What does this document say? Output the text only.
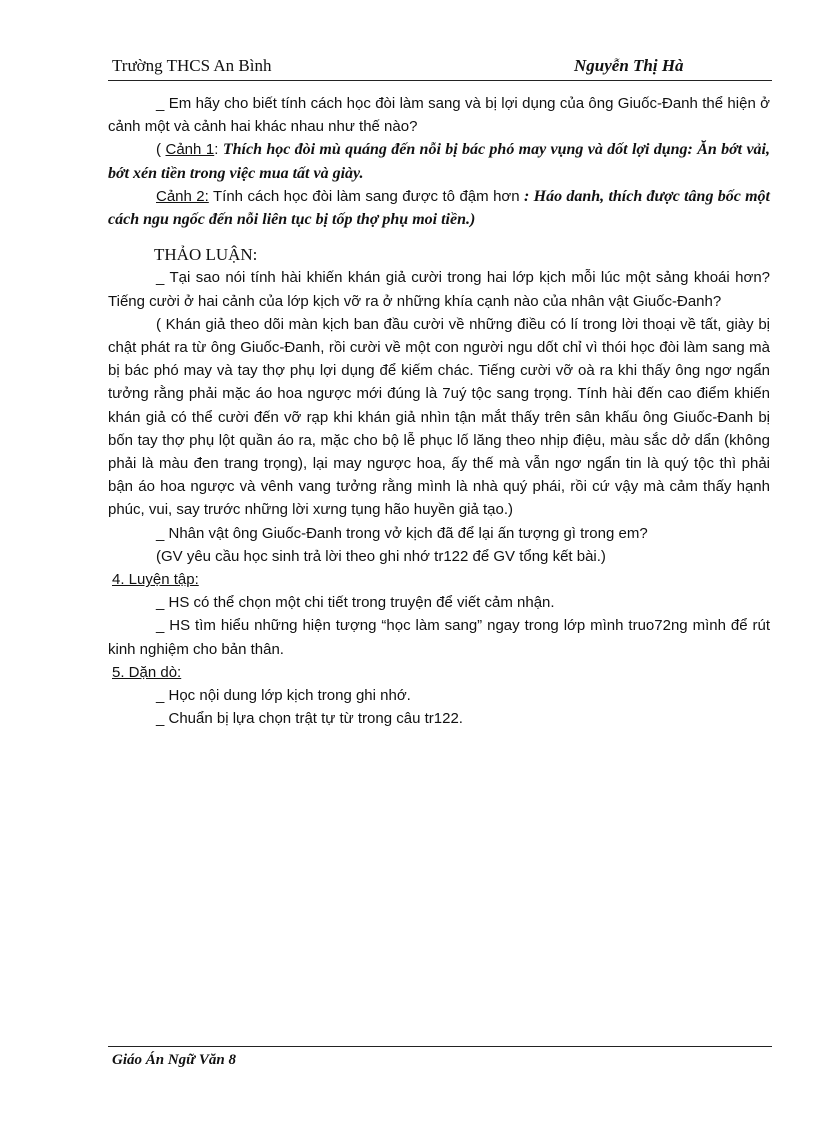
Trường THCS An Bình	Nguyễn Thị Hà

_ Em hãy cho biết tính cách học đòi làm sang và bị lợi dụng của ông Giuốc-Đanh thể hiện ở cảnh một và cảnh hai khác nhau như thế nào?

( Cảnh 1: Thích học đòi mù quáng đến nỗi bị bác phó may vụng và dốt lợi dụng: Ăn bớt vải, bớt xén tiền trong việc mua tất và giày.

Cảnh 2: Tính cách học đòi làm sang được tô đậm hơn : Háo danh, thích được tâng bốc một cách ngu ngốc đến nỗi liên tục bị tốp thợ phụ moi tiền.)

THẢO LUẬN:

_ Tại sao nói tính hài khiến khán giả cười trong hai lớp kịch mỗi lúc một sảng khoái hơn? Tiếng cười ở hai cảnh của lớp kịch vỡ ra ở những khía cạnh nào của nhân vật Giuốc-Đanh?

( Khán giả theo dõi màn kịch ban đầu cười về những điều có lí trong lời thoại về tất, giày bị chật phát ra từ ông Giuốc-Đanh, rồi cười về một con người ngu dốt chỉ vì thói học đòi làm sang mà bị bác phó may và tay thợ phụ lợi dụng để kiếm chác. Tiếng cười vỡ oà ra khi thấy ông ngơ ngẩn tưởng rằng phải mặc áo hoa ngược mới đúng là 7uý tộc sang trọng. Tính hài đến cao điểm khiến khán giả có thể cười đến vỡ rạp khi khán giả nhìn tận mắt thấy trên sân khấu ông Giuốc-Đanh bị bốn tay thợ phụ lột quần áo ra, mặc cho bộ lễ phục lố lăng theo nhịp điệu, màu sắc dở dẩn (không phải là màu đen trang trọng), lại may ngược hoa, ấy thế mà vẫn ngơ ngẩn tin là quý tộc thì phải bận áo hoa ngược và vênh vang tưởng rằng mình là nhà quý phái, rồi cứ vậy mà cảm thấy hạnh phúc, vui, say trước những lời xưng tụng hão huyền giả tạo.)

_ Nhân vật ông Giuốc-Đanh trong vở kịch đã để lại ấn tượng gì trong em?

(GV yêu cầu học sinh trả lời theo ghi nhớ tr122 để GV tổng kết bài.)

4. Luyện tập:

_ HS có thể chọn một chi tiết trong truyện để viết cảm nhận.

_ HS tìm hiểu những hiện tượng “học làm sang” ngay trong lớp mình truo72ng mình để rút kinh nghiệm cho bản thân.

5. Dặn dò:

_ Học nội dung lớp kịch trong ghi nhớ.

_ Chuẩn bị lựa chọn trật tự từ trong câu tr122.

Giáo Án Ngữ Văn 8
